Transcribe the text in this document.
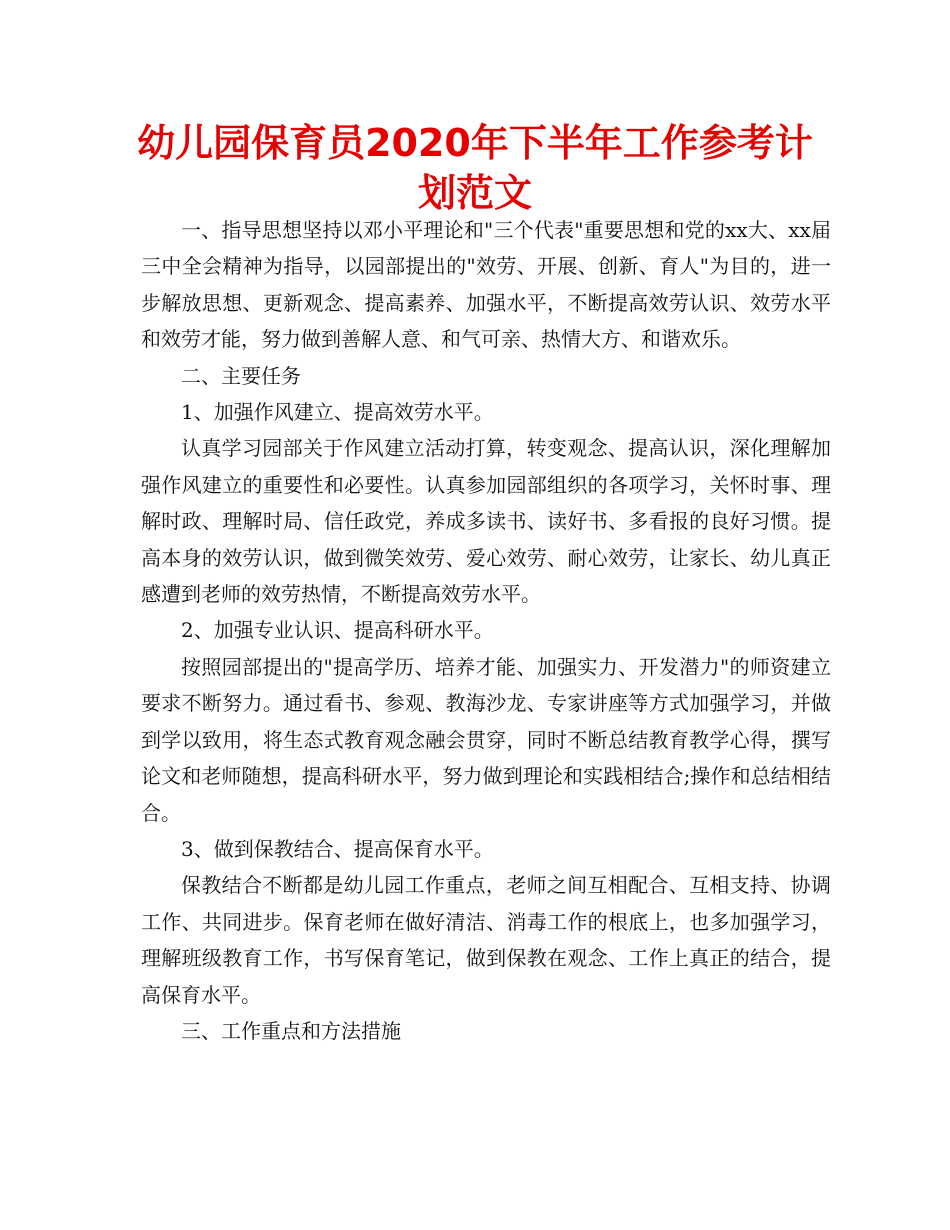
幼儿园保育员2020年下半年工作参考计划范文

一、指导思想坚持以邓小平理论和"三个代表"重要思想和党的xx大、xx届三中全会精神为指导，以园部提出的"效劳、开展、创新、育人"为目的，进一步解放思想、更新观念、提高素养、加强水平，不断提高效劳认识、效劳水平和效劳才能，努力做到善解人意、和气可亲、热情大方、和谐欢乐。

二、主要任务

1、加强作风建立、提高效劳水平。

认真学习园部关于作风建立活动打算，转变观念、提高认识，深化理解加强作风建立的重要性和必要性。认真参加园部组织的各项学习，关怀时事、理解时政、理解时局、信任政党，养成多读书、读好书、多看报的良好习惯。提高本身的效劳认识，做到微笑效劳、爱心效劳、耐心效劳，让家长、幼儿真正感遭到老师的效劳热情，不断提高效劳水平。

2、加强专业认识、提高科研水平。

按照园部提出的"提高学历、培养才能、加强实力、开发潜力"的师资建立要求不断努力。通过看书、参观、教海沙龙、专家讲座等方式加强学习，并做到学以致用，将生态式教育观念融会贯穿，同时不断总结教育教学心得，撰写论文和老师随想，提高科研水平，努力做到理论和实践相结合;操作和总结相结合。

3、做到保教结合、提高保育水平。

保教结合不断都是幼儿园工作重点，老师之间互相配合、互相支持、协调工作、共同进步。保育老师在做好清洁、消毒工作的根底上，也多加强学习，理解班级教育工作，书写保育笔记，做到保教在观念、工作上真正的结合，提高保育水平。

三、工作重点和方法措施
